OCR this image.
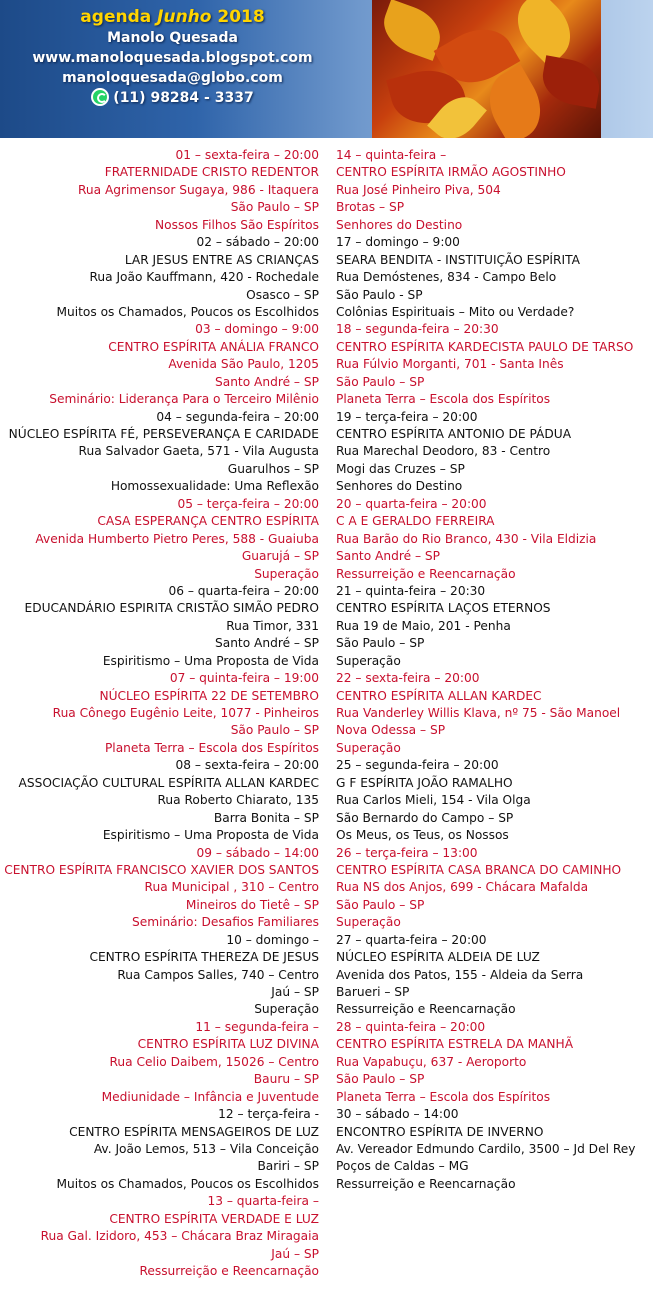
agenda Junho 2018
Manolo Quesada
www.manoloquesada.blogspot.com
manoloquesada@globo.com
(11) 98284 - 3337
01 – sexta-feira – 20:00
FRATERNIDADE CRISTO REDENTOR
Rua Agrimensor Sugaya, 986 - Itaquera
São Paulo – SP
Nossos Filhos São Espíritos
02 – sábado – 20:00
LAR JESUS ENTRE AS CRIANÇAS
Rua João Kauffmann, 420 - Rochedale
Osasco – SP
Muitos os Chamados, Poucos os Escolhidos
03 – domingo – 9:00
CENTRO ESPÍRITA ANÁLIA FRANCO
Avenida São Paulo, 1205
Santo André – SP
Seminário: Liderança Para o Terceiro Milênio
04 – segunda-feira – 20:00
NÚCLEO ESPÍRITA FÉ, PERSEVERANÇA E CARIDADE
Rua Salvador Gaeta, 571 - Vila Augusta
Guarulhos – SP
Homossexualidade: Uma Reflexão
05 – terça-feira – 20:00
CASA ESPERANÇA CENTRO ESPÍRITA
Avenida Humberto Pietro Peres, 588 - Guaiuba
Guarujá – SP
Superação
06 – quarta-feira – 20:00
EDUCANDÁRIO ESPIRITA CRISTÃO SIMÃO PEDRO
Rua Timor, 331
Santo André – SP
Espiritismo – Uma Proposta de Vida
07 – quinta-feira – 19:00
NÚCLEO ESPÍRITA 22 DE SETEMBRO
Rua Cônego Eugênio Leite, 1077 - Pinheiros
São Paulo – SP
Planeta Terra – Escola dos Espíritos
08 – sexta-feira – 20:00
ASSOCIAÇÃO CULTURAL ESPÍRITA ALLAN KARDEC
Rua Roberto Chiarato, 135
Barra Bonita – SP
Espiritismo – Uma Proposta de Vida
09 – sábado – 14:00
CENTRO ESPÍRITA FRANCISCO XAVIER DOS SANTOS
Rua Municipal , 310 – Centro
Mineiros do Tietê – SP
Seminário: Desafios Familiares
10 – domingo –
CENTRO ESPÍRITA THEREZA DE JESUS
Rua Campos Salles, 740 – Centro
Jaú – SP
Superação
11 – segunda-feira –
CENTRO ESPÍRITA LUZ DIVINA
Rua Celio Daibem, 15026 – Centro
Bauru – SP
Mediunidade – Infância e Juventude
12 – terça-feira -
CENTRO ESPÍRITA MENSAGEIROS DE LUZ
Av. João Lemos, 513 – Vila Conceição
Bariri – SP
Muitos os Chamados, Poucos os Escolhidos
13 – quarta-feira –
CENTRO ESPÍRITA VERDADE E LUZ
Rua Gal. Izidoro, 453 – Chácara Braz Miragaia
Jaú – SP
Ressurreição e Reencarnação
14 – quinta-feira –
CENTRO ESPÍRITA IRMÃO AGOSTINHO
Rua José Pinheiro Piva, 504
Brotas – SP
Senhores do Destino
17 – domingo – 9:00
SEARA BENDITA - INSTITUIÇÃO ESPÍRITA
Rua Demóstenes, 834 - Campo Belo
São Paulo - SP
Colônias Espirituais – Mito ou Verdade?
18 – segunda-feira – 20:30
CENTRO ESPÍRITA KARDECISTA PAULO DE TARSO
Rua Fúlvio Morganti, 701 - Santa Inês
São Paulo – SP
Planeta Terra – Escola dos Espíritos
19 – terça-feira – 20:00
CENTRO ESPÍRITA ANTONIO DE PÁDUA
Rua Marechal Deodoro, 83 - Centro
Mogi das Cruzes – SP
Senhores do Destino
20 – quarta-feira – 20:00
C A E GERALDO FERREIRA
Rua Barão do Rio Branco, 430 - Vila Eldizia
Santo André – SP
Ressurreição e Reencarnação
21 – quinta-feira – 20:30
CENTRO ESPÍRITA LAÇOS ETERNOS
Rua 19 de Maio, 201 - Penha
São Paulo – SP
Superação
22 – sexta-feira – 20:00
CENTRO ESPÍRITA ALLAN KARDEC
Rua Vanderley Willis Klava, nº 75 - São Manoel
Nova Odessa – SP
Superação
25 – segunda-feira – 20:00
G F ESPÍRITA JOÃO RAMALHO
Rua Carlos Mieli, 154 - Vila Olga
São Bernardo do Campo – SP
Os Meus, os Teus, os Nossos
26 – terça-feira – 13:00
CENTRO ESPÍRITA CASA BRANCA DO CAMINHO
Rua NS dos Anjos, 699 - Chácara Mafalda
São Paulo – SP
Superação
27 – quarta-feira – 20:00
NÚCLEO ESPÍRITA ALDEIA DE LUZ
Avenida dos Patos, 155 - Aldeia da Serra
Barueri – SP
Ressurreição e Reencarnação
28 – quinta-feira – 20:00
CENTRO ESPÍRITA ESTRELA DA MANHÃ
Rua Vapabuçu, 637 - Aeroporto
São Paulo – SP
Planeta Terra – Escola dos Espíritos
30 – sábado – 14:00
ENCONTRO ESPÍRITA DE INVERNO
Av. Vereador Edmundo Cardilo, 3500 – Jd Del Rey
Poços de Caldas – MG
Ressurreição e Reencarnação
